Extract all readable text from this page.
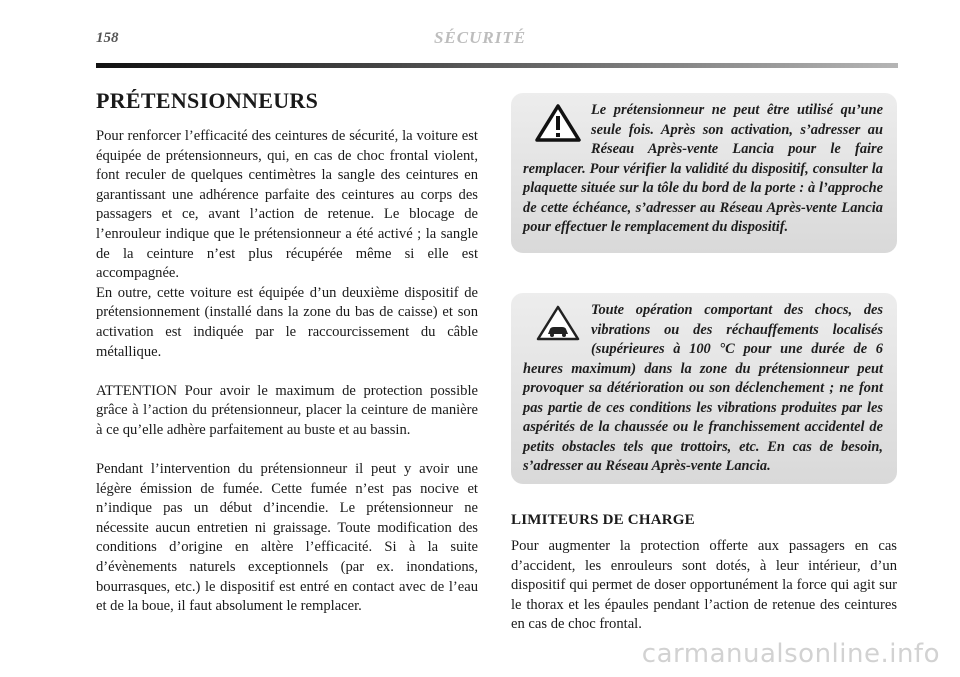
158	SÉCURITÉ
PRÉTENSIONNEURS

Pour renforcer l’efficacité des ceintures de sécurité, la voiture est équipée de prétensionneurs, qui, en cas de choc frontal violent, font reculer de quelques centimètres la sangle des ceintures en garantissant une adhérence parfaite des ceintures au corps des passagers et ce, avant l’action de retenue. Le blocage de l’enrouleur indique que le prétensionneur a été activé ; la sangle de la ceinture n’est plus récupérée même si elle est accompagnée.

En outre, cette voiture est équipée d’un deuxième dispositif de prétensionnement (installé dans la zone du bas de caisse) et son activation est indiquée par le raccourcissement du câble métallique.

ATTENTION Pour avoir le maximum de protection possible grâce à l’action du prétensionneur, placer la ceinture de manière à ce qu’elle adhère parfaitement au buste et au bassin.

Pendant l’intervention du prétensionneur il peut y avoir une légère émission de fumée. Cette fumée n’est pas nocive et n’indique pas un début d’incendie. Le prétensionneur ne nécessite aucun entretien ni graissage. Toute modification des conditions d’origine en altère l’efficacité. Si à la suite d’évènements naturels exceptionnels (par ex. inondations, bourrasques, etc.) le dispositif est entré en contact avec de l’eau et de la boue, il faut absolument le remplacer.

Le prétensionneur ne peut être utilisé qu’une seule fois. Après son activation, s’adresser au Réseau Après-vente Lancia pour le faire remplacer. Pour vérifier la validité du dispositif, consulter la plaquette située sur la tôle du bord de la porte : à l’approche de cette échéance, s’adresser au Réseau Après-vente Lancia pour effectuer le remplacement du dispositif.
Toute opération comportant des chocs, des vibrations ou des réchauffements localisés (supérieures à 100 °C pour une durée de 6 heures maximum) dans la zone du prétensionneur peut provoquer sa détérioration ou son déclenchement ; ne font pas partie de ces conditions les vibrations produites par les aspérités de la chaussée ou le franchissement accidentel de petits obstacles tels que trottoirs, etc. En cas de besoin, s’adresser au Réseau Après-vente Lancia.
LIMITEURS DE CHARGE

Pour augmenter la protection offerte aux passagers en cas d’accident, les enrouleurs sont dotés, à leur intérieur, d’un dispositif qui permet de doser opportunément la force qui agit sur le thorax et les épaules pendant l’action de retenue des ceintures en cas de choc frontal.

carmanualsonline.info
